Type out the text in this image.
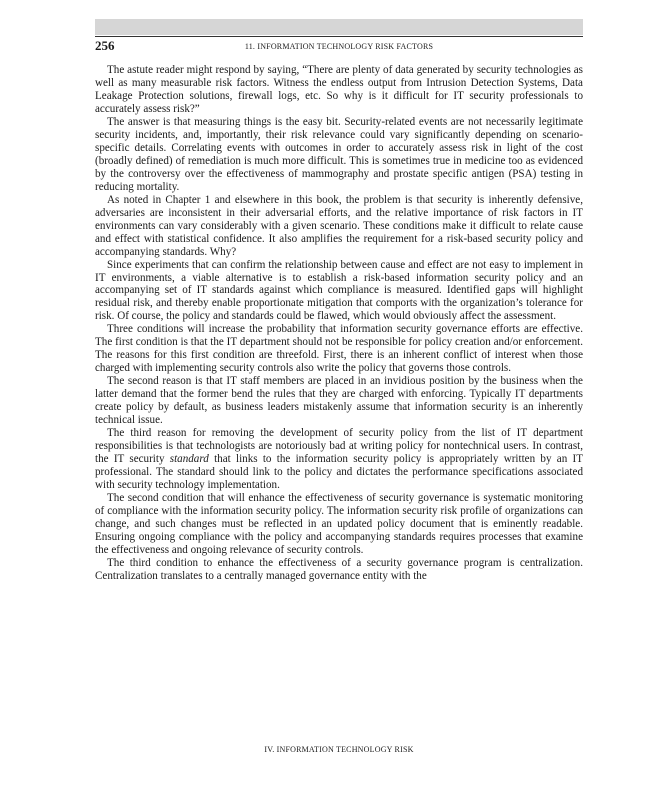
256	11. INFORMATION TECHNOLOGY RISK FACTORS

The astute reader might respond by saying, “There are plenty of data generated by security technologies as well as many measurable risk factors. Witness the endless output from Intrusion Detection Systems, Data Leakage Protection solutions, firewall logs, etc. So why is it difficult for IT security professionals to accurately assess risk?”

The answer is that measuring things is the easy bit. Security-related events are not necessarily legitimate security incidents, and, importantly, their risk relevance could vary significantly depending on scenario-specific details. Correlating events with outcomes in order to accurately assess risk in light of the cost (broadly defined) of remediation is much more difficult. This is sometimes true in medicine too as evidenced by the controversy over the effectiveness of mammography and prostate specific antigen (PSA) testing in reducing mortality.

As noted in Chapter 1 and elsewhere in this book, the problem is that security is inherently defensive, adversaries are inconsistent in their adversarial efforts, and the relative importance of risk factors in IT environments can vary considerably with a given scenario. These conditions make it difficult to relate cause and effect with statistical confidence. It also amplifies the requirement for a risk-based security policy and accompanying standards. Why?

Since experiments that can confirm the relationship between cause and effect are not easy to implement in IT environments, a viable alternative is to establish a risk-based information security policy and an accompanying set of IT standards against which compliance is measured. Identified gaps will highlight residual risk, and thereby enable proportionate mitigation that comports with the organization’s tolerance for risk. Of course, the policy and standards could be flawed, which would obviously affect the assessment.

Three conditions will increase the probability that information security governance efforts are effective. The first condition is that the IT department should not be responsible for policy creation and/or enforcement. The reasons for this first condition are threefold. First, there is an inherent conflict of interest when those charged with implementing security controls also write the policy that governs those controls.

The second reason is that IT staff members are placed in an invidious position by the business when the latter demand that the former bend the rules that they are charged with enforcing. Typically IT departments create policy by default, as business leaders mistakenly assume that information security is an inherently technical issue.

The third reason for removing the development of security policy from the list of IT department responsibilities is that technologists are notoriously bad at writing policy for nontechnical users. In contrast, the IT security standard that links to the information security policy is appropriately written by an IT professional. The standard should link to the policy and dictates the performance specifications associated with security technology implementation.

The second condition that will enhance the effectiveness of security governance is systematic monitoring of compliance with the information security policy. The information security risk profile of organizations can change, and such changes must be reflected in an updated policy document that is eminently readable. Ensuring ongoing compliance with the policy and accompanying standards requires processes that examine the effectiveness and ongoing relevance of security controls.

The third condition to enhance the effectiveness of a security governance program is centralization. Centralization translates to a centrally managed governance entity with the

IV. INFORMATION TECHNOLOGY RISK
